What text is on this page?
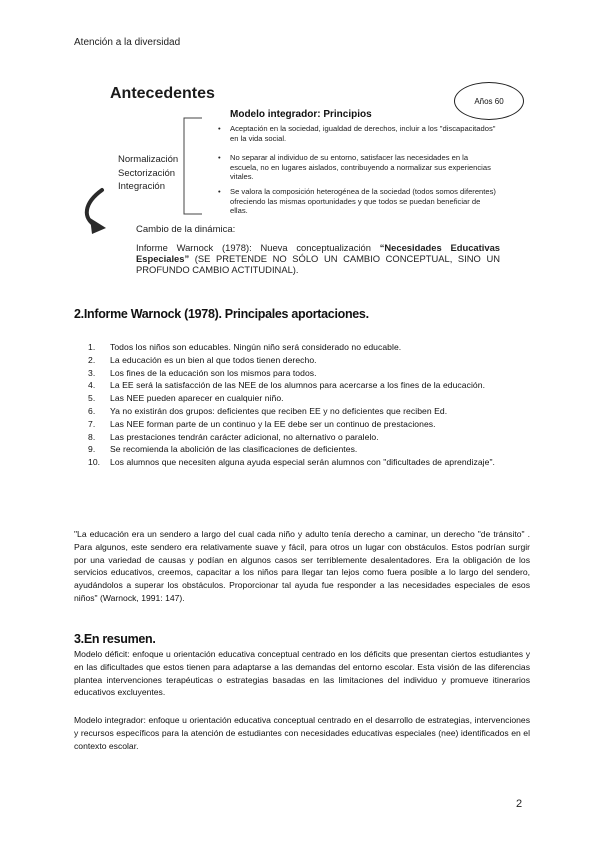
Atención a la diversidad
Antecedentes	Años 60
Modelo integrador: Principios
Normalización
Sectorización
Integración
• Aceptación en la sociedad, igualdad de derechos, incluir a los "discapacitados" en la vida social.
• No separar al individuo de su entorno, satisfacer las necesidades en la escuela, no en lugares aislados, contribuyendo a normalizar sus experiencias vitales.
• Se valora la composición heterogénea de la sociedad (todos somos diferentes) ofreciendo las mismas oportunidades y que todos se puedan beneficiar de ellas.
Cambio de la dinámica:
Informe Warnock (1978): Nueva conceptualización “Necesidades Educativas Especiales” (SE PRETENDE NO SÓLO UN CAMBIO CONCEPTUAL, SINO UN PROFUNDO CAMBIO ACTITUDINAL).
2.Informe Warnock (1978). Principales aportaciones.
1. Todos los niños son educables. Ningún niño será considerado no educable.
2. La educación es un bien al que todos tienen derecho.
3. Los fines de la educación son los mismos para todos.
4. La EE será la satisfacción de las NEE de los alumnos para acercarse a los fines de la educación.
5. Las NEE pueden aparecer en cualquier niño.
6. Ya no existirán dos grupos: deficientes que reciben EE y no deficientes que reciben Ed.
7. Las NEE forman parte de un continuo y la EE debe ser un continuo de prestaciones.
8. Las prestaciones tendrán carácter adicional, no alternativo o paralelo.
9. Se recomienda la abolición de las clasificaciones de deficientes.
10. Los alumnos que necesiten alguna ayuda especial serán alumnos con "dificultades de aprendizaje".
"La educación era un sendero a largo del cual cada niño y adulto tenía derecho a caminar, un derecho "de tránsito" . Para algunos, este sendero era relativamente suave y fácil, para otros un lugar con obstáculos. Estos podrían surgir por una variedad de causas y podían en algunos casos ser terriblemente desalentadores. Era la obligación de los servicios educativos, creemos, capacitar a los niños para llegar tan lejos como fuera posible a lo largo del sendero, ayudándolos a superar los obstáculos. Proporcionar tal ayuda fue responder a las necesidades especiales de esos niños" (Warnock, 1991: 147).
3.En resumen.
Modelo déficit: enfoque u orientación educativa conceptual centrado en los déficits que presentan ciertos estudiantes y en las dificultades que estos tienen para adaptarse a las demandas del entorno escolar. Esta visión de las diferencias plantea intervenciones terapéuticas o estrategias basadas en las limitaciones del individuo y promueve itinerarios educativos excluyentes.
Modelo integrador: enfoque u orientación educativa conceptual centrado en el desarrollo de estrategias, intervenciones y recursos específicos para la atención de estudiantes con necesidades educativas especiales (nee) identificados en el contexto escolar.
2
